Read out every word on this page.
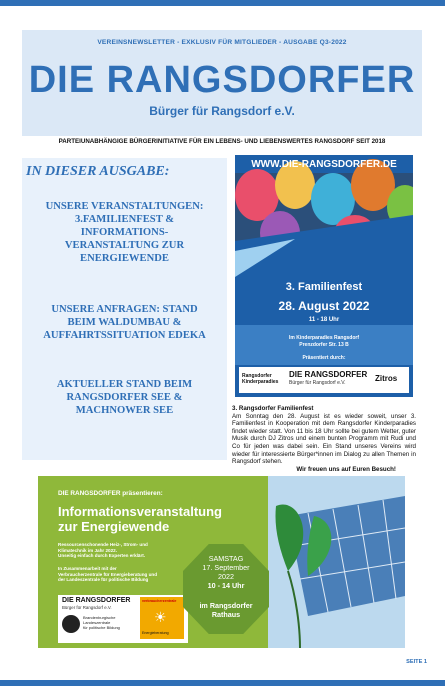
VEREINSNEWSLETTER - EXKLUSIV FÜR MITGLIEDER - AUSGABE Q3-2022
DIE RANGSDORFER
Bürger für Rangsdorf e.V.
PARTEIUNABHÄNGIGE BÜRGERINITIATIVE FÜR EIN LEBENS- UND LIEBENSWERTES RANGSDORF SEIT 2018
IN DIESER AUSGABE:
UNSERE VERANSTALTUNGEN:
3.FAMILIENFEST &
INFORMATIONS-
VERANSTALTUNG ZUR
ENERGIEWENDE
UNSERE ANFRAGEN: STAND
BEIM WALDUMBAU &
AUFFAHRTSSITUATION EDEKA
AKTUELLER STAND BEIM
RANGSDORFER SEE &
MACHNOWER SEE
WWW.DIE-RANGSDORFER.DE
3. Familienfest
28. August 2022
11 - 18 Uhr
Im Kinderparadies Rangsdorf
Prenzdorfer Str. 13 B
Präsentiert durch:
Rangsdorfer
Kinderparadies
DIE RANGSDORFER
Bürger für Rangsdorf e.V.	Zitros
3. Rangsdorfer Familienfest
Am Sonntag den 28. August ist es wieder soweit, unser 3. Familienfest in Kooperation mit dem Rangsdorfer Kinderparadies findet wieder statt. Von 11 bis 18 Uhr sollte bei gutem Wetter, guter Musik durch DJ Zitros und einem bunten Programm mit Rudi und Co für jeden was dabei sein. Ein Stand unseres Vereins wird wieder für interessierte Bürger*innen im Dialog zu allen Themen in Rangsdorf stehen.
Wir freuen uns auf Euren Besuch!
DIE RANGSDORFER präsentieren:
Informationsveranstaltung
zur Energiewende
Ressourcenschonende Heiz-, Strom- und
Klimatechnik im Jahr 2022.
Unseitig einfach durch Experten erklärt.
In Zusammenarbeit mit der
Verbraucherzentrale für Energieberatung und
der Landeszentrale für politische Bildung
DIE RANGSDORFER
Bürger für Rangsdorf e.V.
Brandenburgische
Landeszentrale
für politische Bildung
verbraucherzentrale
☀
Energieberatung
SAMSTAG
17. September
2022
10 - 14 Uhr
im Rangsdorfer
Rathaus
SEITE 1
